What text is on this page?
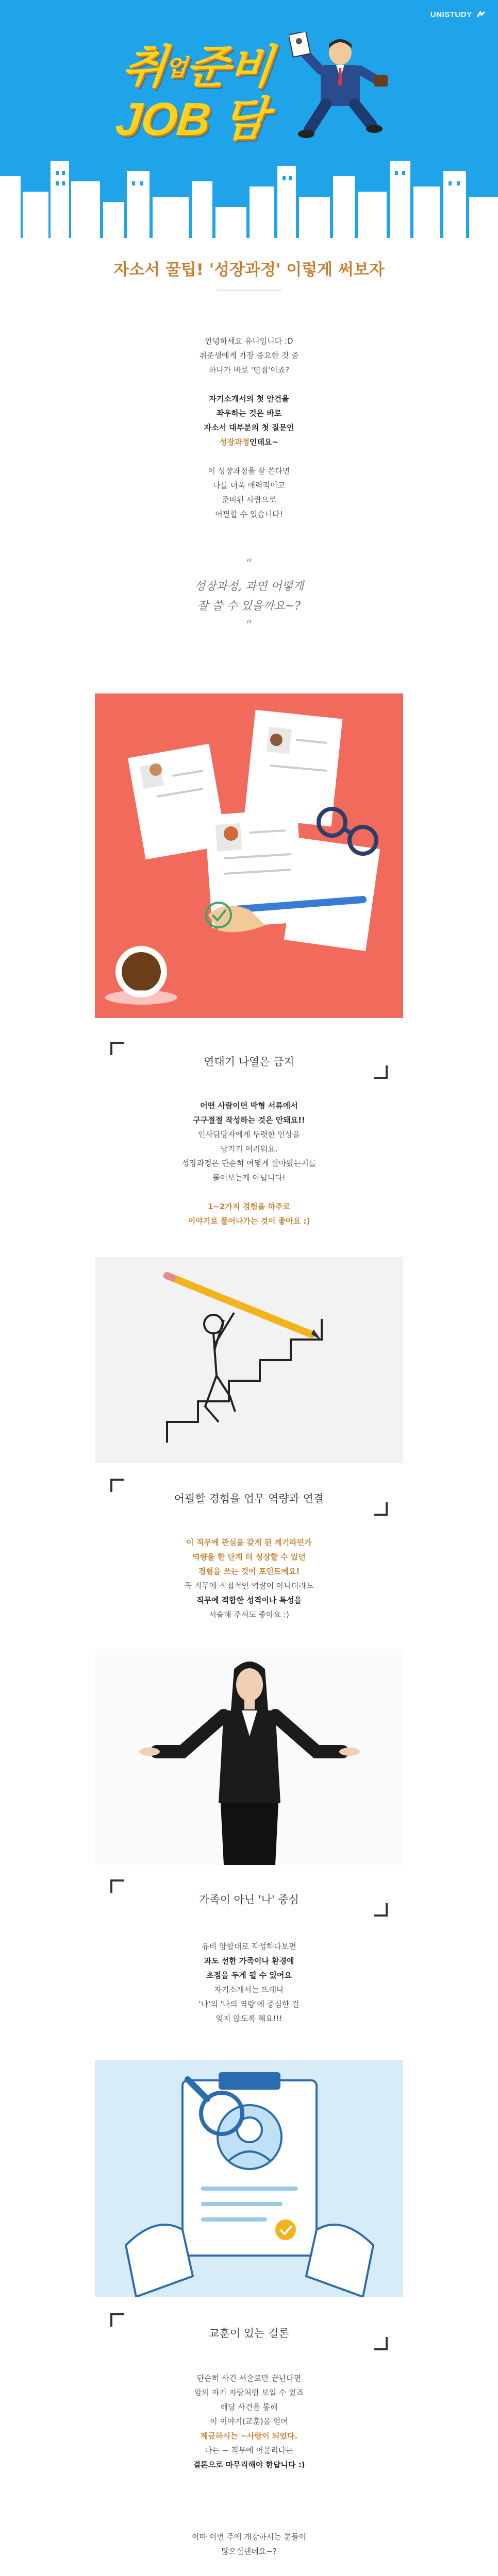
UNISTUDY
취업준비
JOB 담
자소서 꿀팁! '성장과정' 이렇게 써보자

안녕하세요 유니입니다 :D

취준생에게 가장 중요한 것 중

하나가 바로 '면접'이죠?

자기소개서의 첫 안건을

좌우하는 것은 바로

자소서 대부분의 첫 질문인

성장과정인데요~

이 성장과정을 잘 쓴다면

나를 더욱 매력적이고

준비된 사람으로

어필할 수 있습니다!

“

성장과정, 과연 어떻게

잘 쓸 수 있을까요~?

”
연대기 나열은 금지

어떤 사람이던 막형 서류에서

구구절절 작성하는 것은 안돼요!!

인사담당자에게 뚜렷한 인상을

남기기 어려워요.

성장과정은 단순히 어떻게 살아왔는지를

물어보는게 아닙니다!

1~2가지 경험을 하주로

이야기로 풀어나가는 것이 좋아요 :)

어필할 경험을 업무 역량과 연결

이 직무에 관심을 갖게 된 계기라던가

역량을 한 단계 더 성장할 수 있던

경험을 쓰는 것이 포인트에요!

꼭 직무에 직접적인 역량이 아니더라도

직무에 적합한 성격이나 특성을

서술해 주셔도 좋아요 :)

가족이 아닌 '나' 중심

유비 양합대로 작성하다보면

과도 선한 가족이나 환경에

초점을 두게 될 수 있어요

자기소개서는 뜨래나

'나'의 '나의 역량'에 중심한 걸

잊지 않도록 해요!!!

교훈이 있는 결론

단순히 사건 서술로만 끝난다면

앞의 자기 자랑처럼 보일 수 있죠

해당 사건을 통해

이 이야기(교훈)을 얻어

제금하시는 ~사람이 되었다.

나는 ~ 직무에 어울리다는

결론으로 마무리해야 한답니다 :)

이마 이번 주에 개강하시는 분들이

많으실텐데요~?
